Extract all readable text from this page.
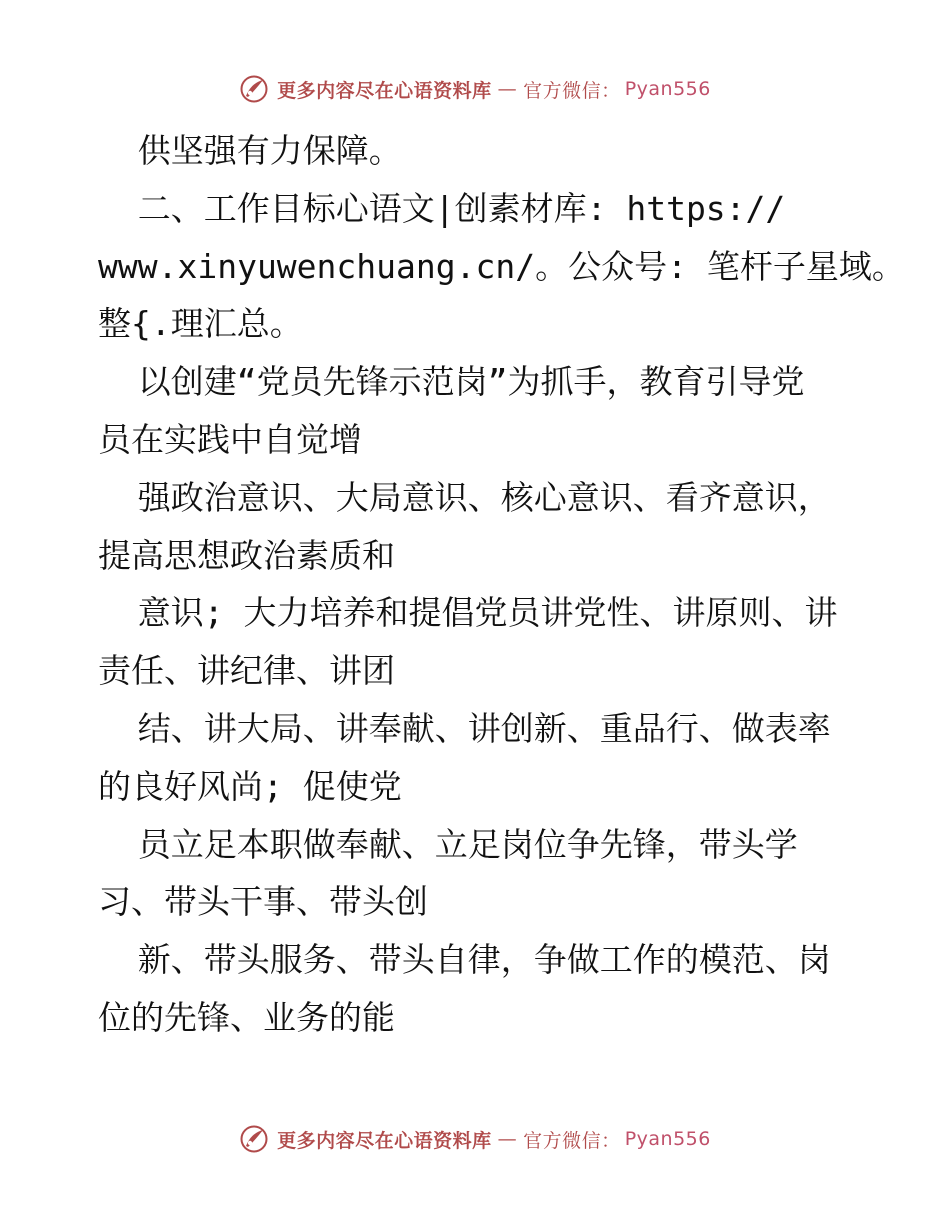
更多内容尽在心语资料库 — 官方微信： Pyan556

供坚强有力保障。

二、工作目标心语文|创素材库: https://

www.xinyuwenchuang.cn/。公众号: 笔杆子星域。

整{.理汇总。

以创建“党员先锋示范岗”为抓手，教育引导党

员在实践中自觉增

强政治意识、大局意识、核心意识、看齐意识，

提高思想政治素质和

意识; 大力培养和提倡党员讲党性、讲原则、讲

责任、讲纪律、讲团

结、讲大局、讲奉献、讲创新、重品行、做表率

的良好风尚; 促使党

员立足本职做奉献、立足岗位争先锋，带头学

习、带头干事、带头创

新、带头服务、带头自律，争做工作的模范、岗

位的先锋、业务的能

更多内容尽在心语资料库 — 官方微信： Pyan556
